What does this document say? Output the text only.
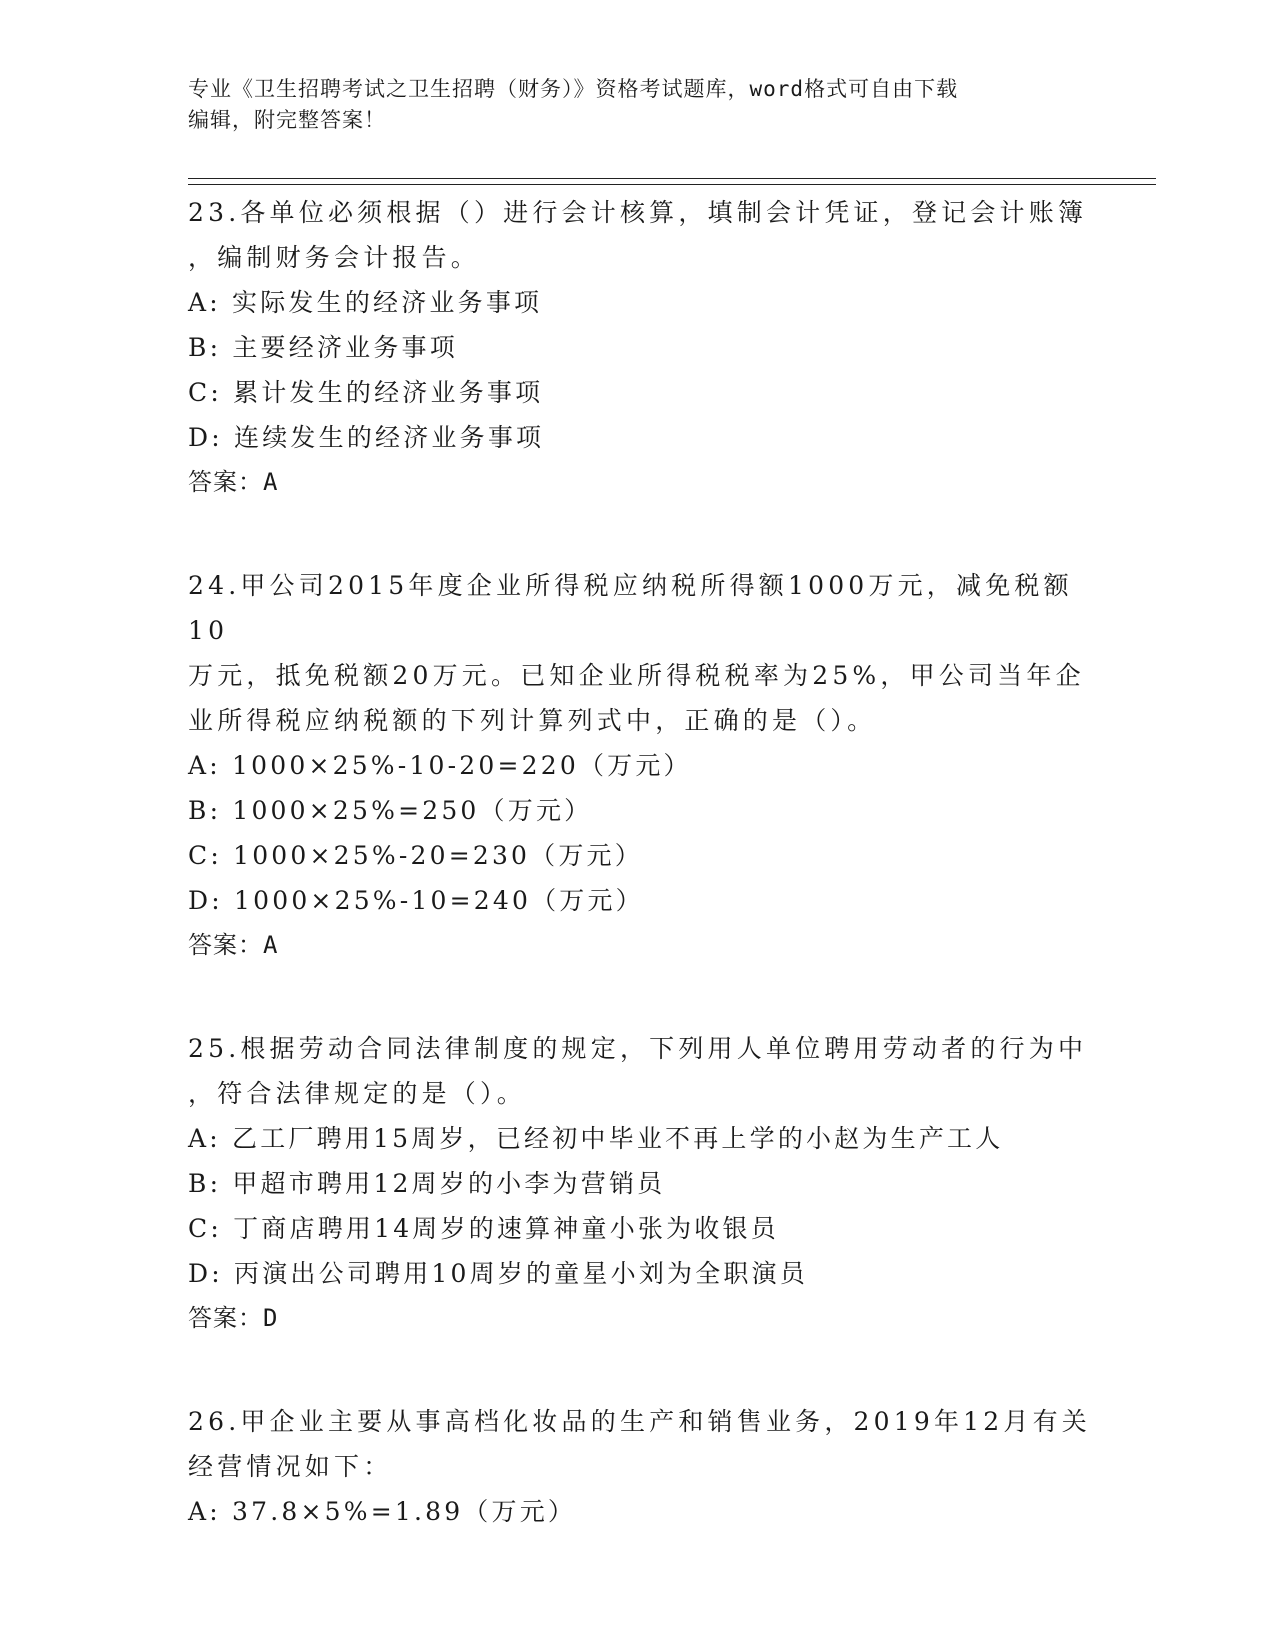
专业《卫生招聘考试之卫生招聘（财务）》资格考试题库，word格式可自由下载
编辑，附完整答案！

23.各单位必须根据（）进行会计核算，填制会计凭证，登记会计账簿

，编制财务会计报告。

A: 实际发生的经济业务事项

B: 主要经济业务事项

C: 累计发生的经济业务事项

D: 连续发生的经济业务事项

答案：A

24.甲公司2015年度企业所得税应纳税所得额1000万元，减免税额10

万元，抵免税额20万元。已知企业所得税税率为25%，甲公司当年企

业所得税应纳税额的下列计算列式中，正确的是（）。

A: 1000×25%-10-20=220（万元）

B: 1000×25%=250（万元）

C: 1000×25%-20=230（万元）

D: 1000×25%-10=240（万元）

答案：A

25.根据劳动合同法律制度的规定，下列用人单位聘用劳动者的行为中

，符合法律规定的是（）。

A: 乙工厂聘用15周岁，已经初中毕业不再上学的小赵为生产工人

B: 甲超市聘用12周岁的小李为营销员

C: 丁商店聘用14周岁的速算神童小张为收银员

D: 丙演出公司聘用10周岁的童星小刘为全职演员

答案：D

26.甲企业主要从事高档化妆品的生产和销售业务，2019年12月有关

经营情况如下：

A: 37.8×5%=1.89（万元）
